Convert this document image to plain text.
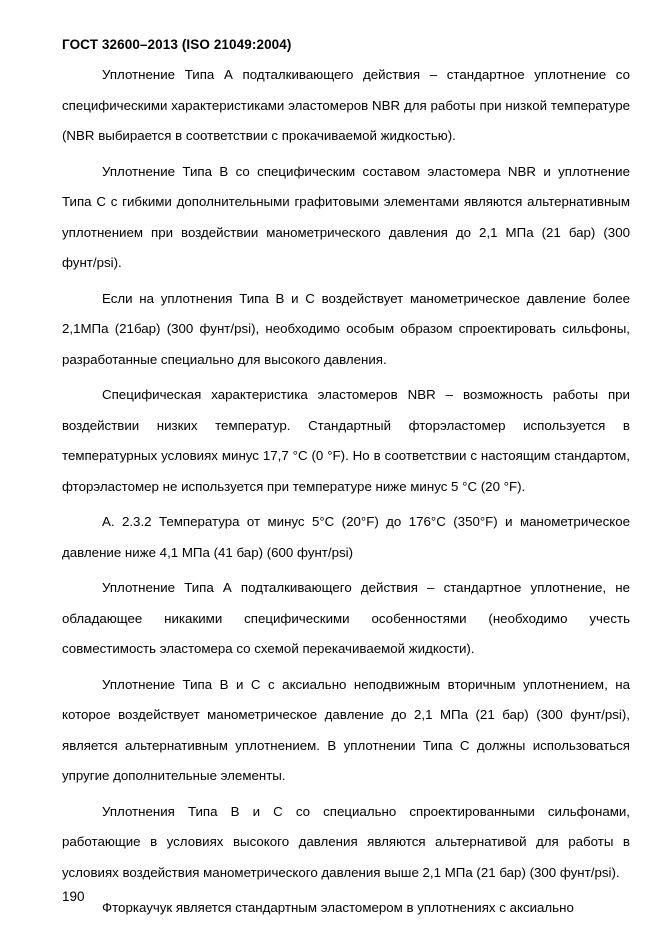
ГОСТ 32600–2013 (ISO 21049:2004)

Уплотнение Типа А подталкивающего действия – стандартное уплотнение со специфическими характеристиками эластомеров NBR для работы при низкой температуре (NBR выбирается в соответствии с прокачиваемой жидкостью).

Уплотнение Типа В со специфическим составом эластомера NBR и уплотнение Типа С с гибкими дополнительными графитовыми элементами являются альтернативным уплотнением при воздействии манометрического давления до 2,1 МПа (21 бар) (300 фунт/psi).

Если на уплотнения Типа В и С воздействует манометрическое давление более 2,1МПа (21бар) (300 фунт/psi), необходимо особым образом спроектировать сильфоны, разработанные специально для высокого давления.

Специфическая характеристика эластомеров NBR – возможность работы при воздействии низких температур. Стандартный фторэластомер используется в температурных условиях минус 17,7 °С (0 °F). Но в соответствии с настоящим стандартом, фторэластомер не используется при температуре ниже минус 5 °С (20 °F).

А. 2.3.2 Температура от минус 5°С (20°F) до 176°С (350°F) и манометрическое давление ниже 4,1 МПа (41 бар) (600 фунт/psi)

Уплотнение Типа А подталкивающего действия – стандартное уплотнение, не обладающее никакими специфическими особенностями (необходимо учесть совместимость эластомера со схемой перекачиваемой жидкости).

Уплотнение Типа В и С с аксиально неподвижным вторичным уплотнением, на которое воздействует манометрическое давление до 2,1 МПа (21 бар) (300 фунт/psi), является альтернативным уплотнением. В уплотнении Типа С должны использоваться упругие дополнительные элементы.

Уплотнения Типа В и С со специально спроектированными сильфонами, работающие в условиях высокого давления являются альтернативой для работы в условиях воздействия манометрического давления выше 2,1 МПа (21 бар) (300 фунт/psi).

Фторкаучук является стандартным эластомером в уплотнениях с аксиально

190
